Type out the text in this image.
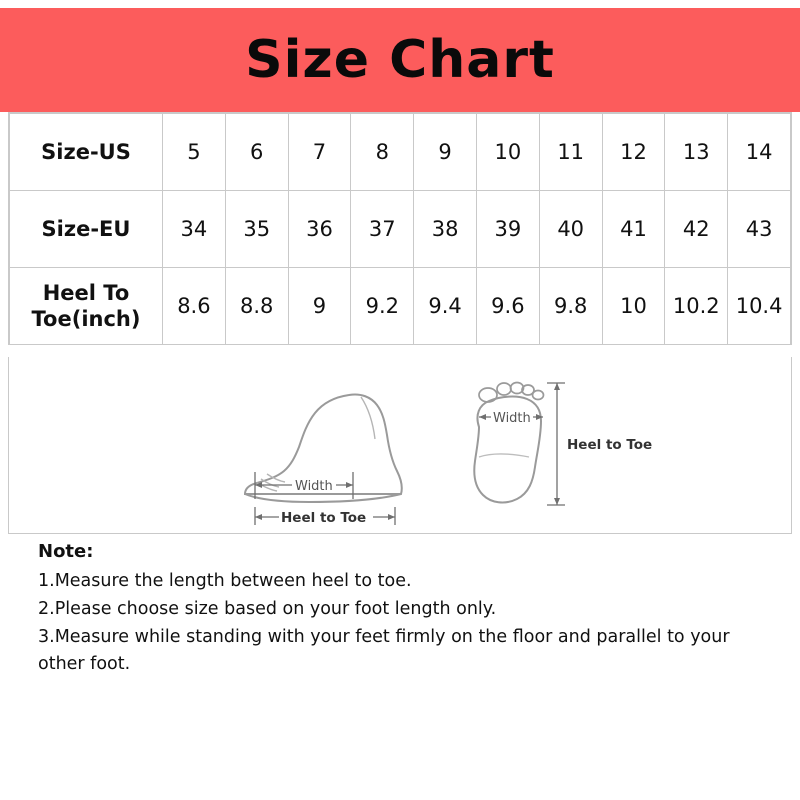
Size Chart
Size-US	5	6	7	8	9	10	11	12	13	14
Size-EU	34	35	36	37	38	39	40	41	42	43
Heel To Toe(inch)	8.6	8.8	9	9.2	9.4	9.6	9.8	10	10.2	10.4
Width
Heel to Toe
Width
Heel to Toe
Note:
1.Measure the length between heel to toe.
2.Please choose size based on your foot length only.
3.Measure while standing with your feet firmly on the floor and parallel to your other foot.
